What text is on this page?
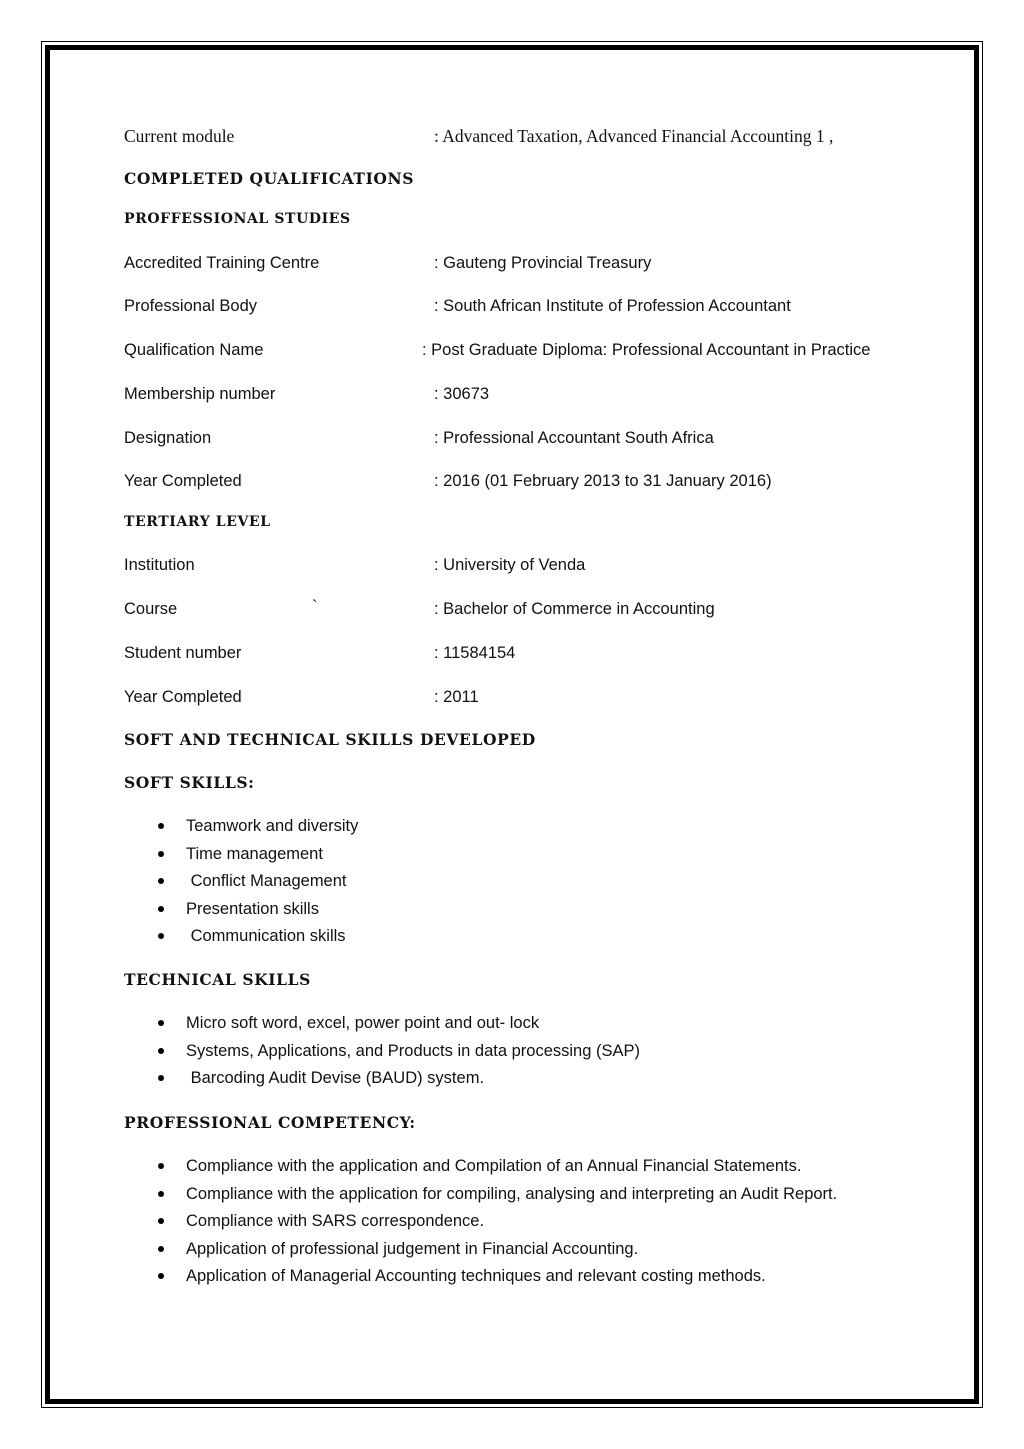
Current module	: Advanced Taxation, Advanced Financial Accounting 1 ,
COMPLETED QUALIFICATIONS
PROFFESSIONAL STUDIES
Accredited Training Centre	: Gauteng Provincial Treasury
Professional Body	: South African Institute of Profession Accountant
Qualification Name	: Post Graduate Diploma: Professional Accountant in Practice
Membership number	: 30673
Designation	: Professional Accountant South Africa
Year Completed	: 2016 (01 February 2013 to 31 January 2016)
TERTIARY LEVEL
Institution	: University of Venda
Course	`	: Bachelor of Commerce in Accounting
Student number	: 11584154
Year Completed	: 2011
SOFT AND TECHNICAL SKILLS DEVELOPED
SOFT SKILLS:
Teamwork and diversity
Time management
Conflict Management
Presentation skills
Communication skills
TECHNICAL SKILLS
Micro soft word, excel, power point and out- lock
Systems, Applications, and Products in data processing (SAP)
Barcoding Audit Devise (BAUD) system.
PROFESSIONAL COMPETENCY:
Compliance with the application and Compilation of an Annual Financial Statements.
Compliance with the application for compiling, analysing and interpreting an Audit Report.
Compliance with SARS correspondence.
Application of professional judgement in Financial Accounting.
Application of Managerial Accounting techniques and relevant costing methods.
